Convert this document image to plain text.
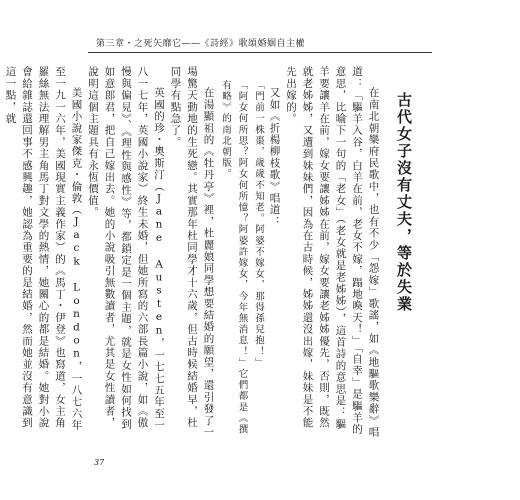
第三章・之死矢靡它——《詩經》歌頌婚姻自主權
古代女子沒有丈夫，等於失業

在南北朝樂府民歌中，也有不少「怨嫁」歌謠，如《地驅歌樂辭》唱道：「驅羊入谷，白羊在前，老女不嫁，蹋地喚天！」「自幸」是驅羊的意思，比喻下一句的「老女」（老女就是老姊姊），這首詩的意思是：驅羊要讓羊在前，嫁女要讓姊姊在前，嫁女要讓老姊姊優先，否則，既然就老姊姊，又遭到妹妹們，因為在古時候，姊姊還沒出嫁，妹妹是不能先出嫁的。

又如《折楊柳枝歌》唱道：

「門前一株棗，歲歲不知老。阿婆不嫁女，那得孫兒抱！」

「阿女何所思？阿女何所憶？阿婆許嫁女，今年無消息！」它們都是《撰有略》的南北朝版。

在湯顯祖的《牡丹亭》裡，杜麗娘同學想要結婚的願望，還引發了一場驚天動地的生死戀。其實那年杜同學才十六歲，但古時候結婚早，杜同學有點急了。

英國的珍・奧斯汀（Jane Austen，一七七五年至一八一七年，英國小說家）終生未婚，但她所寫的六部長篇小說，如《傲慢與偏見》、《理性與感性》等，都鎖定是一個主題，就是女性如何找到如意郎君，把自己嫁出去。她的小說吸引無數讀者，尤其是女性讀者，說明這個主題具有永恆價值。

美國小說家傑克・倫敦（Jack London，一八七六年至一九一六年，美國現實主義作家）的《馬丁・伊登》也寫道，女主角羅絲無法理解男主角馬丁對文學的熱情，她關心的都是結婚。她對小說會給雜誌還回事不感興趣，她認為重要的是結婚，然而她並沒有意識到這一點，就

37
